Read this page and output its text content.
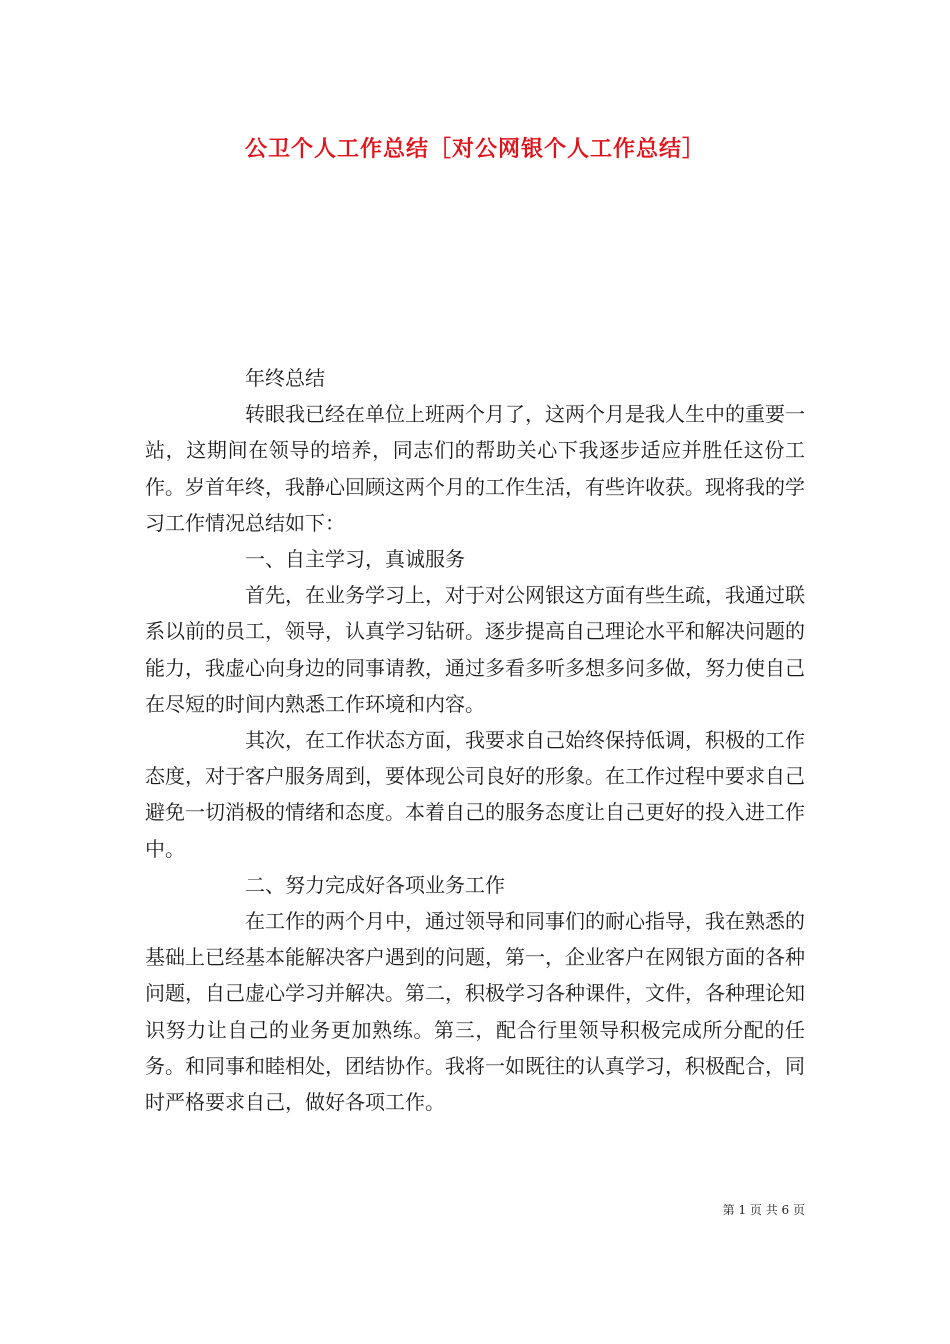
公卫个人工作总结［对公网银个人工作总结］

年终总结

转眼我已经在单位上班两个月了，这两个月是我人生中的重要一站，这期间在领导的培养，同志们的帮助关心下我逐步适应并胜任这份工作。岁首年终，我静心回顾这两个月的工作生活，有些许收获。现将我的学习工作情况总结如下：

一、自主学习，真诚服务

首先，在业务学习上，对于对公网银这方面有些生疏，我通过联系以前的员工，领导，认真学习钻研。逐步提高自己理论水平和解决问题的能力，我虚心向身边的同事请教，通过多看多听多想多问多做，努力使自己在尽短的时间内熟悉工作环境和内容。

其次，在工作状态方面，我要求自己始终保持低调，积极的工作态度，对于客户服务周到，要体现公司良好的形象。在工作过程中要求自己避免一切消极的情绪和态度。本着自己的服务态度让自己更好的投入进工作中。

二、努力完成好各项业务工作

在工作的两个月中，通过领导和同事们的耐心指导，我在熟悉的基础上已经基本能解决客户遇到的问题，第一，企业客户在网银方面的各种问题，自己虚心学习并解决。第二，积极学习各种课件，文件，各种理论知识努力让自己的业务更加熟练。第三，配合行里领导积极完成所分配的任务。和同事和睦相处，团结协作。我将一如既往的认真学习，积极配合，同时严格要求自己，做好各项工作。

第 1 页 共 6 页
